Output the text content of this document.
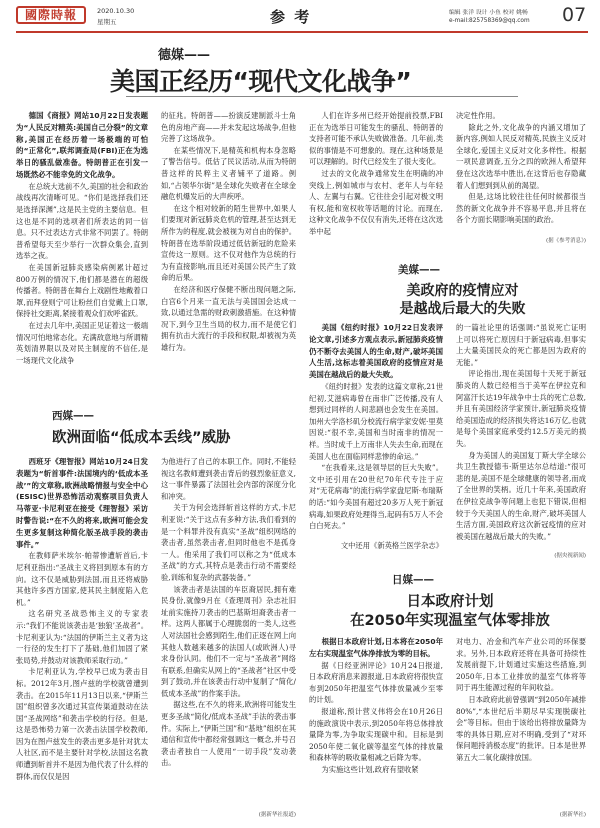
國際時報	2020.10.30
星期五	参 考	编辑 张洋 设计 小鱼 校对 姚畅
e-mail:825758369@qq.com 07
德媒——
美国正经历“现代文化战争”

德国《商报》网站10月22日发表题为“人民反对精英:美国自己分裂”的文章称,美国正在经历着一场极端的可怕的“正常化”,联邦调查局(FBI)正在为选举日的骚乱做准备。特朗普正在引发一场既然必不能幸免的文化战争。

在总统大选前不久,美国的社会和政治战线再次清晰可见。“你们是选择我们还是选择深渊”,这是民主党的主要信息。但这也是不同的选项者们所表达的同一信息。只不过表达方式非常不同罢了。特朗普希望每天至少举行一次群众集会,直到选举之夜。

在美国新冠肺炎感染病例累计超过800万例的情况下,他们都是潜在的超级传播者。特朗普在舞台上戏剧性地戴着口罩,而拜登则宁可让粉丝们自觉戴上口罩,保持社交距离,紧接着观众们欢呼雀跃。

在过去几年中,美国正见证着这一极端情况可怕地常态化。充满敌意地与所谓精英划清界限以及对民主制度的不信任,是一场现代文化战争

的征兆。特朗普——扮演反建制派斗士角色的房地产商——并未发起这场战争,但他完善了这场战争。

在某些情况下,是精英和机构本身忽略了警告信号。低估了民议活动,从而为特朗普这样的民粹主义者铺平了道路。例如,“占领华尔街”是全球化失败者在全球金融危机爆发后的大声疾呼。

在这个相对较新的陌生世界中,如果人们要现对新冠肺炎危机的管理,甚至达到无所作为的程度,就会被视为对自由的保护。特朗普在选举阶段通过低估新冠的危险来宣传这一原则。这不仅对他作为总统的行为有直接影响,而且还对美国公民产生了致命的后果。

在经济和医疗保健不断出现问题之际,白宫6个月来一直无法与美国国会达成一致,以通过急需的财政刺激措施。在这种情况下,到今卫生当局的权力,而不是使它们拥有抗击大流行的手段和权限,却被视为英雄行为。

人们在许多州已经开始提前投票,FBI正在为选举日可能发生的骚乱、特朗普的支持者可能不承认失败做准备。几年前,类似的事情是不可想象的。现在,这种场景是可以理解的。时代已经发生了很大变化。

过去的文化战争通常发生在明确的冲突线上,例如城市与农村、老年人与年轻人、左翼与右翼。它往往会引起对极文明有权,能和宽权收等话题的讨论。而现在,这种文化战争不仅仅有消失,还将在这次选举中起

决定性作用。

除此之外,文化战争的内涵又增加了新内容,例如人民反对精英,民族主义反对全球化,爱国主义反对文化多样性。根据一项民意调查,五分之四的欧洲人希望拜登在这次选举中胜出,在这背后也存隐藏着人们想到到从前的渴望。

但是,这场比较往往任何时候都很当然的新文化战争并不容易平息,并且将在各个方面长期影响美国的政治。

(据《参考消息》)
美媒——
美政府的疫情应对
是越战后最大的失败

美国《纽约时报》10月22日发表评论文章,引述多方观点表示,新冠肺炎疫情仍不断夺去美国人的生命,财产,破坏美国人生活,这标志着美国政府的疫情应对是美国在越战后的最大失败。

《纽约时报》发表的这篇文章称,21世纪初,艾滋病毒曾在南非广泛传播,没有人想到过同样的人间悲剧也会发生在美国。加州大学洛杉矶分校流行病学家安妮·里莫因说:“很不幸,美国和当时南非的情况一样。当时成千上万南非人失去生命,而现在美国人也在面临同样悲惨的命运。”

“在我看来,这是领导层的巨大失败”。文中还引用在20世纪70年代专注于应对“无花病毒”的流行病学家盘尼斯·布瑞斯的话:“如今美国有超过20多万人死于新冠病毒,如果政府处理得当,起码有5万人不会白白死去。”

文中还用《新英格兰医学杂志》

的一篇社论里的话强调:“虽说死亡证明上可以将死亡原因归于新冠病毒,但事实上大量美国民众的死亡都是因为政府的无能。”

评论指出,现在美国每十天死于新冠肺炎的人数已经相当于美军在伊拉克和阿富汗长达19年战争中士兵的死亡总数,并且有美国经济学家预计,新冠肺炎疫情给美国造成的经济损失将达16万亿,也就是每个美国家庭承受约12.5万美元的损失。

身为美国人的美国复丁斯大学全球公共卫生教授德韦·斯里达尔总结道:“很可悲的是,美国不是全球健康的领导者,而成了全世界的笑柄。近几十年来,美国政府在伊拉克战争等问题上也犯下错误,但相较于今天美国人的生命,财产,破坏美国人生活方面,美国政府这次新冠疫情的应对被美国在越战后最大的失败。”

(据央视新闻)
西媒——
欧洲面临“低成本丢线”威胁

西班牙《理智报》网站10月24日发表题为“斩首事件:法国境内的‘低成本圣战’”的文章称,欧洲战略情报与安全中心(ESISC)世界恐怖活动观察项目负责人马蒂亚·卡尼利亚在接受《理智报》采访时警告说:“在不久的将来,欧洲可能会发生更多复制这种简化版圣战手段的袭击事件。”

在教师萨米埃尔·帕蒂惨遭斩首后,卡尼利亚指出:“圣战主义将回到原本有的方向。这不仅是威胁到法国,而且还将威胁其他许多西方国家,使其民主制度陷入危机。”

这名研究圣战恐怖主义的专家表示:“我们不能说该袭击是‘独狼’圣战者”。卡尼利亚认为:“法国的伊斯兰主义者为这一行径的发生打下了基础,他们加固了紧张局势,并鼓动对该教师采取行动。”

卡尼利亚认为,学校早已成为袭击目标。2012年3月,图卢兹的学校就曾遭到袭击。在2015年11月13日以来,“伊斯兰国”组织曾多次通过其宣传渠道鼓动在法国“圣战网络”和袭击学校的行径。但是,这是恐怖势力第一次袭击法国学校教师,因为在图卢兹发生的袭击更多是针对犹太人社区,而不是主要针对学校,法国这名教师遭到斩首并不是因为他代表了什么样的群体,而仅仅是因

为他进行了自己的本职工作。同时,不能轻视这名教师遭到袭击背后的强烈象征意义,这一事件暴露了法国社会内部的深度分化和冲突。

关于为何会选择斩首这样的方式,卡尼利亚说:“关于这点有多种方法,我们看到的是一个料罪并没有真实“圣战”组织网络的袭击者,虽然袭击者,但同时他也不是孤身一人。他采用了我们可以称之为“低成本圣战”的方式,其特点是袭击行动不需要经验,训练和复杂的武器装备。”

该袭击者是法国的车臣裔居民,拥有难民身份,就像9月在《查理周刊》杂志社旧址前实施持刀袭击的巴基斯坦裔袭击者一样。这两人都属于心理脆弱的一类人,这些人对法国社会感到陌生,他们正逐在网上向其他人数越来越多的法国人(或欧洲人)寻求身份认同。他们不一定与“圣战者”网络有联系,但确实从网上的“圣战者”社区中受到了鼓动,并在该袭击行动中复制了“简化/低成本圣战”的作案手法。

据这些,在不久的将来,欧洲将可能发生更多圣战“简化/低成本圣战”手法的袭击事件。实际上,“伊斯兰国”和“基地”组织在其通信和宣传中都经常强调这一概念,并号召袭击者独自一人使用“一切手段”发动袭击。

(据新华社报道)
日媒——
日本政府计划
在2050年实现温室气体零排放

根据日本政府计划,日本将在2050年左右实现温室气体净排放为零的目标。

据《日经亚洲评论》10月24日报道,日本政府消息来源报道,日本政府将很快宣布到2050年把温室气体排放量减少至零的计划。

报道称,预计营义伟将会在10月26日的施政演说中表示,到2050年将总体排放量降为零,为争取实现碳中和。目标是到2050年使二氧化碳等温室气体的排放量和森林等的吸收量相减之后降为零。

为实施这些计划,政府有望收紧

对电力、冶金和汽车产业公司的环保要求。另外,日本政府还将在具备可持续性发展前提下,计划通过实施这些措施,到2050年,日本工业排放的温室气体将等同于再生能源过程的年间收益。

日本政府此前曾强调“到2050年减排80%”,“本世纪后半期尽早实现脱碳社会”等目标。但由于该给出将排放量降为零的具体日期,应对不明确,受到了“对环保问题持消极态度”的批评。日本是世界第五大二氧化碳排放国。

(据新华社)
